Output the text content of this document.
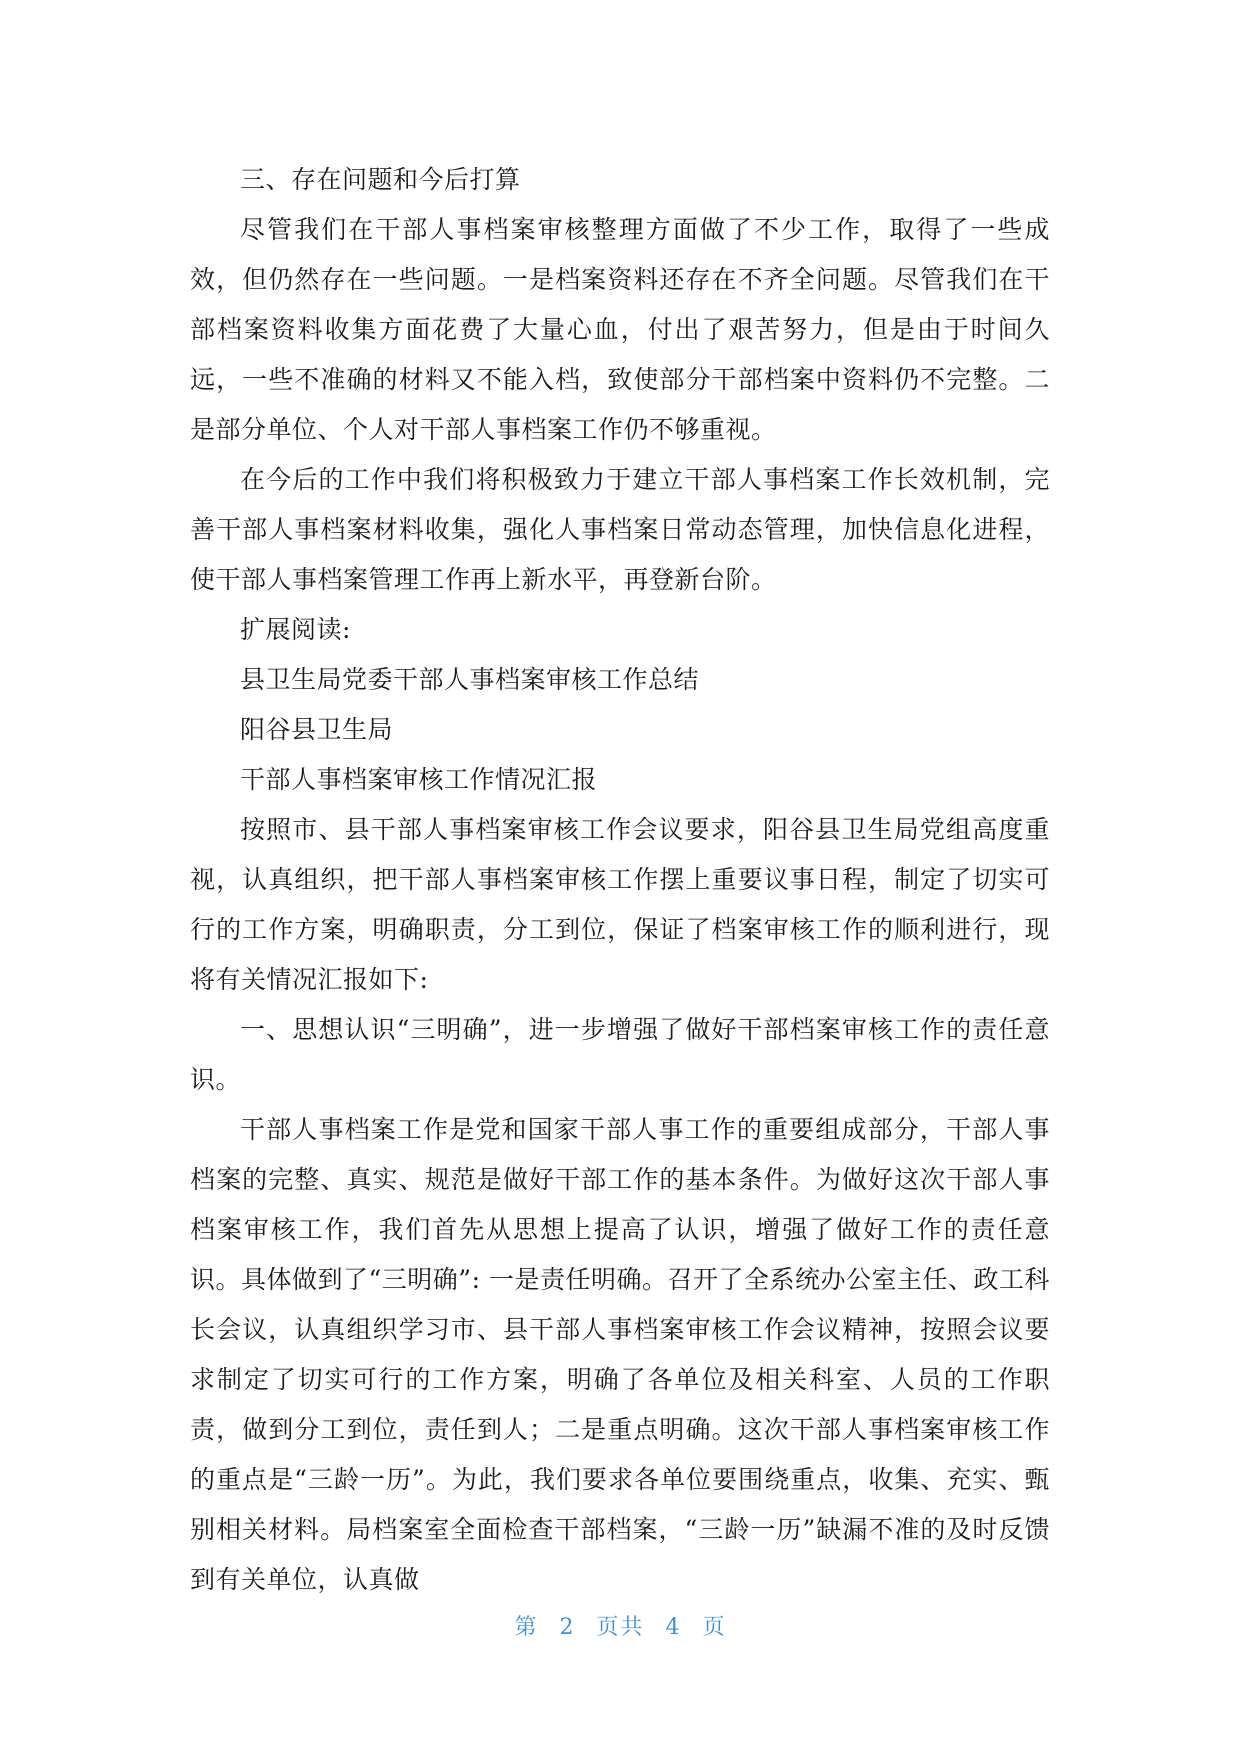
三、存在问题和今后打算

尽管我们在干部人事档案审核整理方面做了不少工作，取得了一些成效，但仍然存在一些问题。一是档案资料还存在不齐全问题。尽管我们在干部档案资料收集方面花费了大量心血，付出了艰苦努力，但是由于时间久远，一些不准确的材料又不能入档，致使部分干部档案中资料仍不完整。二是部分单位、个人对干部人事档案工作仍不够重视。

在今后的工作中我们将积极致力于建立干部人事档案工作长效机制，完善干部人事档案材料收集，强化人事档案日常动态管理，加快信息化进程，使干部人事档案管理工作再上新水平，再登新台阶。

扩展阅读:

县卫生局党委干部人事档案审核工作总结

阳谷县卫生局

干部人事档案审核工作情况汇报

按照市、县干部人事档案审核工作会议要求，阳谷县卫生局党组高度重视，认真组织，把干部人事档案审核工作摆上重要议事日程，制定了切实可行的工作方案，明确职责，分工到位，保证了档案审核工作的顺利进行，现将有关情况汇报如下:

一、思想认识“三明确”，进一步增强了做好干部档案审核工作的责任意识。

干部人事档案工作是党和国家干部人事工作的重要组成部分，干部人事档案的完整、真实、规范是做好干部工作的基本条件。为做好这次干部人事档案审核工作，我们首先从思想上提高了认识，增强了做好工作的责任意识。具体做到了“三明确”: 一是责任明确。召开了全系统办公室主任、政工科长会议，认真组织学习市、县干部人事档案审核工作会议精神，按照会议要求制定了切实可行的工作方案，明确了各单位及相关科室、人员的工作职责，做到分工到位，责任到人；二是重点明确。这次干部人事档案审核工作的重点是“三龄一历”。为此，我们要求各单位要围绕重点，收集、充实、甄别相关材料。局档案室全面检查干部档案，“三龄一历”缺漏不准的及时反馈到有关单位，认真做

第 2 页共 4 页
